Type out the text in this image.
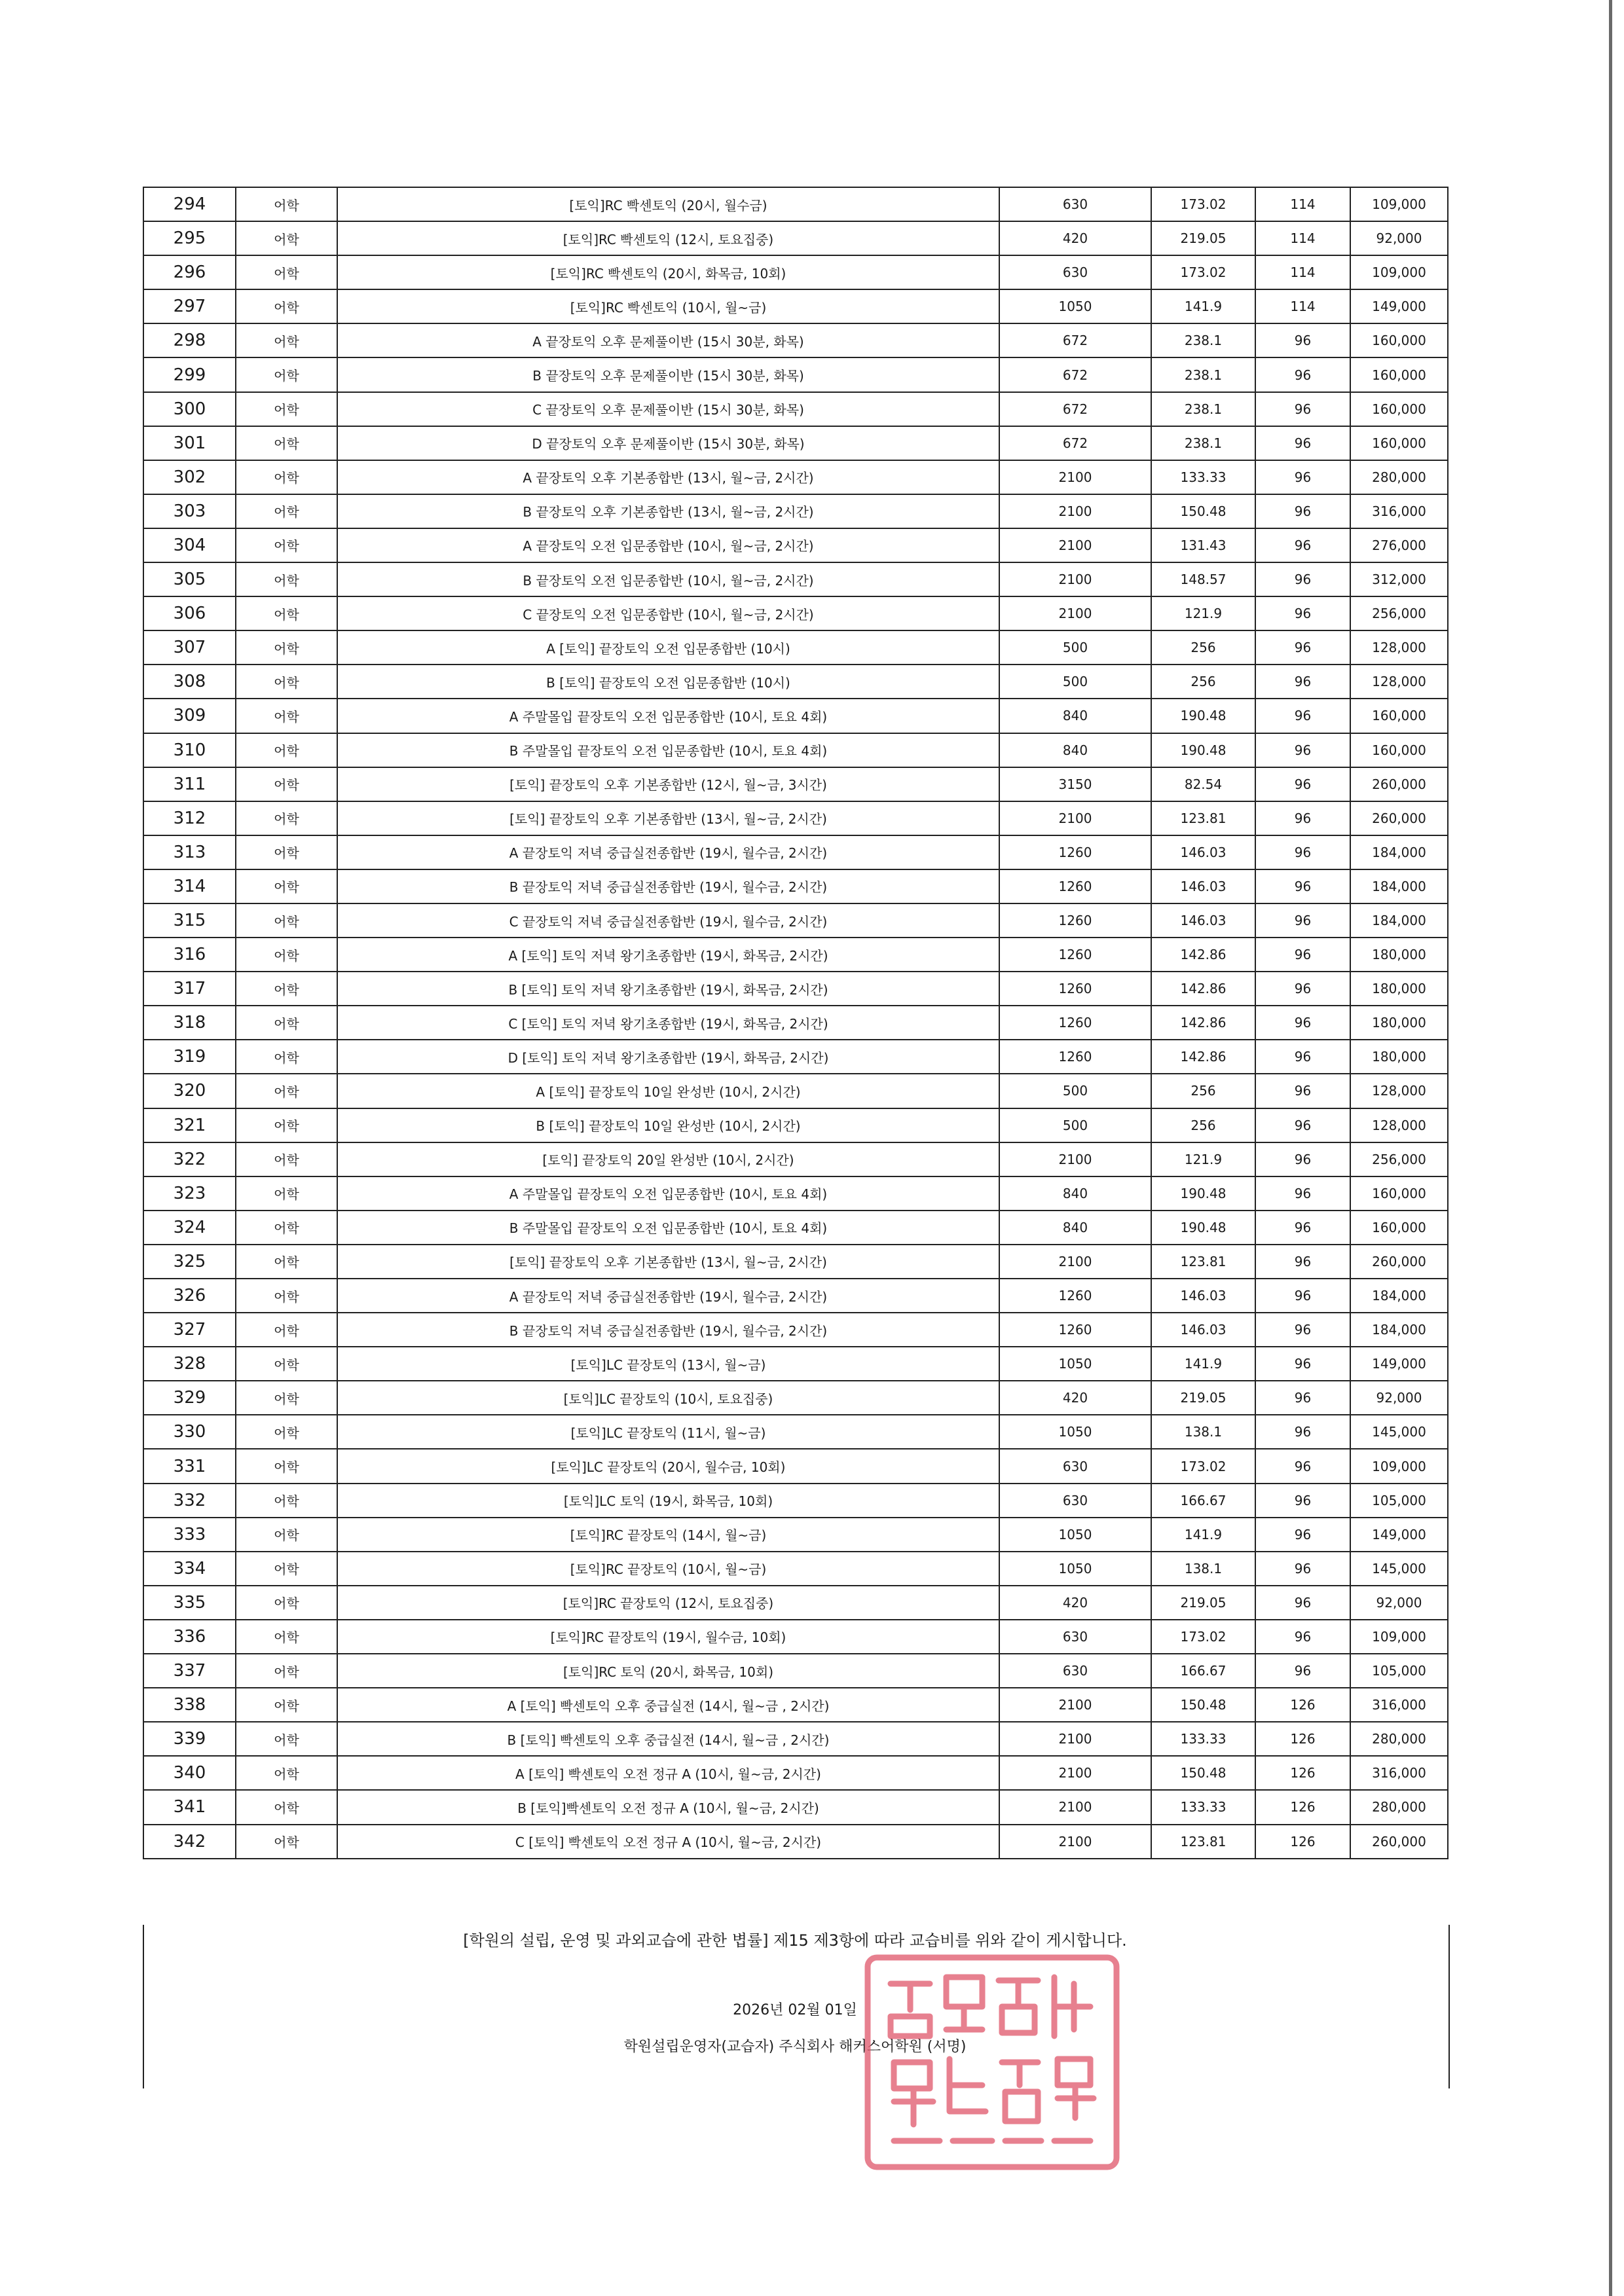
294	어학	[토익]RC 빡센토익 (20시, 월수금)	630	173.02	114	109,000
295	어학	[토익]RC 빡센토익 (12시, 토요집중)	420	219.05	114	92,000
296	어학	[토익]RC 빡센토익 (20시, 화목금, 10회)	630	173.02	114	109,000
297	어학	[토익]RC 빡센토익 (10시, 월~금)	1050	141.9	114	149,000
298	어학	A 끝장토익 오후 문제풀이반 (15시 30분, 화목)	672	238.1	96	160,000
299	어학	B 끝장토익 오후 문제풀이반 (15시 30분, 화목)	672	238.1	96	160,000
300	어학	C 끝장토익 오후 문제풀이반 (15시 30분, 화목)	672	238.1	96	160,000
301	어학	D 끝장토익 오후 문제풀이반 (15시 30분, 화목)	672	238.1	96	160,000
302	어학	A 끝장토익 오후 기본종합반 (13시, 월~금, 2시간)	2100	133.33	96	280,000
303	어학	B 끝장토익 오후 기본종합반 (13시, 월~금, 2시간)	2100	150.48	96	316,000
304	어학	A 끝장토익 오전 입문종합반 (10시, 월~금, 2시간)	2100	131.43	96	276,000
305	어학	B 끝장토익 오전 입문종합반 (10시, 월~금, 2시간)	2100	148.57	96	312,000
306	어학	C 끝장토익 오전 입문종합반 (10시, 월~금, 2시간)	2100	121.9	96	256,000
307	어학	A [토익] 끝장토익 오전 입문종합반 (10시)	500	256	96	128,000
308	어학	B [토익] 끝장토익 오전 입문종합반 (10시)	500	256	96	128,000
309	어학	A 주말몰입 끝장토익 오전 입문종합반 (10시, 토요 4회)	840	190.48	96	160,000
310	어학	B 주말몰입 끝장토익 오전 입문종합반 (10시, 토요 4회)	840	190.48	96	160,000
311	어학	[토익] 끝장토익 오후 기본종합반 (12시, 월~금, 3시간)	3150	82.54	96	260,000
312	어학	[토익] 끝장토익 오후 기본종합반 (13시, 월~금, 2시간)	2100	123.81	96	260,000
313	어학	A 끝장토익 저녁 중급실전종합반 (19시, 월수금, 2시간)	1260	146.03	96	184,000
314	어학	B 끝장토익 저녁 중급실전종합반 (19시, 월수금, 2시간)	1260	146.03	96	184,000
315	어학	C 끝장토익 저녁 중급실전종합반 (19시, 월수금, 2시간)	1260	146.03	96	184,000
316	어학	A [토익] 토익 저녁 왕기초종합반 (19시, 화목금, 2시간)	1260	142.86	96	180,000
317	어학	B [토익] 토익 저녁 왕기초종합반 (19시, 화목금, 2시간)	1260	142.86	96	180,000
318	어학	C [토익] 토익 저녁 왕기초종합반 (19시, 화목금, 2시간)	1260	142.86	96	180,000
319	어학	D [토익] 토익 저녁 왕기초종합반 (19시, 화목금, 2시간)	1260	142.86	96	180,000
320	어학	A [토익] 끝장토익 10일 완성반 (10시, 2시간)	500	256	96	128,000
321	어학	B [토익] 끝장토익 10일 완성반 (10시, 2시간)	500	256	96	128,000
322	어학	[토익] 끝장토익 20일 완성반 (10시, 2시간)	2100	121.9	96	256,000
323	어학	A 주말몰입 끝장토익 오전 입문종합반 (10시, 토요 4회)	840	190.48	96	160,000
324	어학	B 주말몰입 끝장토익 오전 입문종합반 (10시, 토요 4회)	840	190.48	96	160,000
325	어학	[토익] 끝장토익 오후 기본종합반 (13시, 월~금, 2시간)	2100	123.81	96	260,000
326	어학	A 끝장토익 저녁 중급실전종합반 (19시, 월수금, 2시간)	1260	146.03	96	184,000
327	어학	B 끝장토익 저녁 중급실전종합반 (19시, 월수금, 2시간)	1260	146.03	96	184,000
328	어학	[토익]LC 끝장토익 (13시, 월~금)	1050	141.9	96	149,000
329	어학	[토익]LC 끝장토익 (10시, 토요집중)	420	219.05	96	92,000
330	어학	[토익]LC 끝장토익 (11시, 월~금)	1050	138.1	96	145,000
331	어학	[토익]LC 끝장토익 (20시, 월수금, 10회)	630	173.02	96	109,000
332	어학	[토익]LC 토익 (19시, 화목금, 10회)	630	166.67	96	105,000
333	어학	[토익]RC 끝장토익 (14시, 월~금)	1050	141.9	96	149,000
334	어학	[토익]RC 끝장토익 (10시, 월~금)	1050	138.1	96	145,000
335	어학	[토익]RC 끝장토익 (12시, 토요집중)	420	219.05	96	92,000
336	어학	[토익]RC 끝장토익 (19시, 월수금, 10회)	630	173.02	96	109,000
337	어학	[토익]RC 토익 (20시, 화목금, 10회)	630	166.67	96	105,000
338	어학	A [토익] 빡센토익 오후 중급실전 (14시, 월~금 , 2시간)	2100	150.48	126	316,000
339	어학	B [토익] 빡센토익 오후 중급실전 (14시, 월~금 , 2시간)	2100	133.33	126	280,000
340	어학	A [토익] 빡센토익 오전 정규 A (10시, 월~금, 2시간)	2100	150.48	126	316,000
341	어학	B [토익]빡센토익 오전 정규 A (10시, 월~금, 2시간)	2100	133.33	126	280,000
342	어학	C [토익] 빡센토익 오전 정규 A (10시, 월~금, 2시간)	2100	123.81	126	260,000
[학원의 설립, 운영 및 과외교습에 관한 볍률] 제15 제3항에 따라 교습비를 위와 같이 게시합니다.
2026년 02월 01일
학원설립운영자(교습자) 주식회사 해커스어학원 (서명)
